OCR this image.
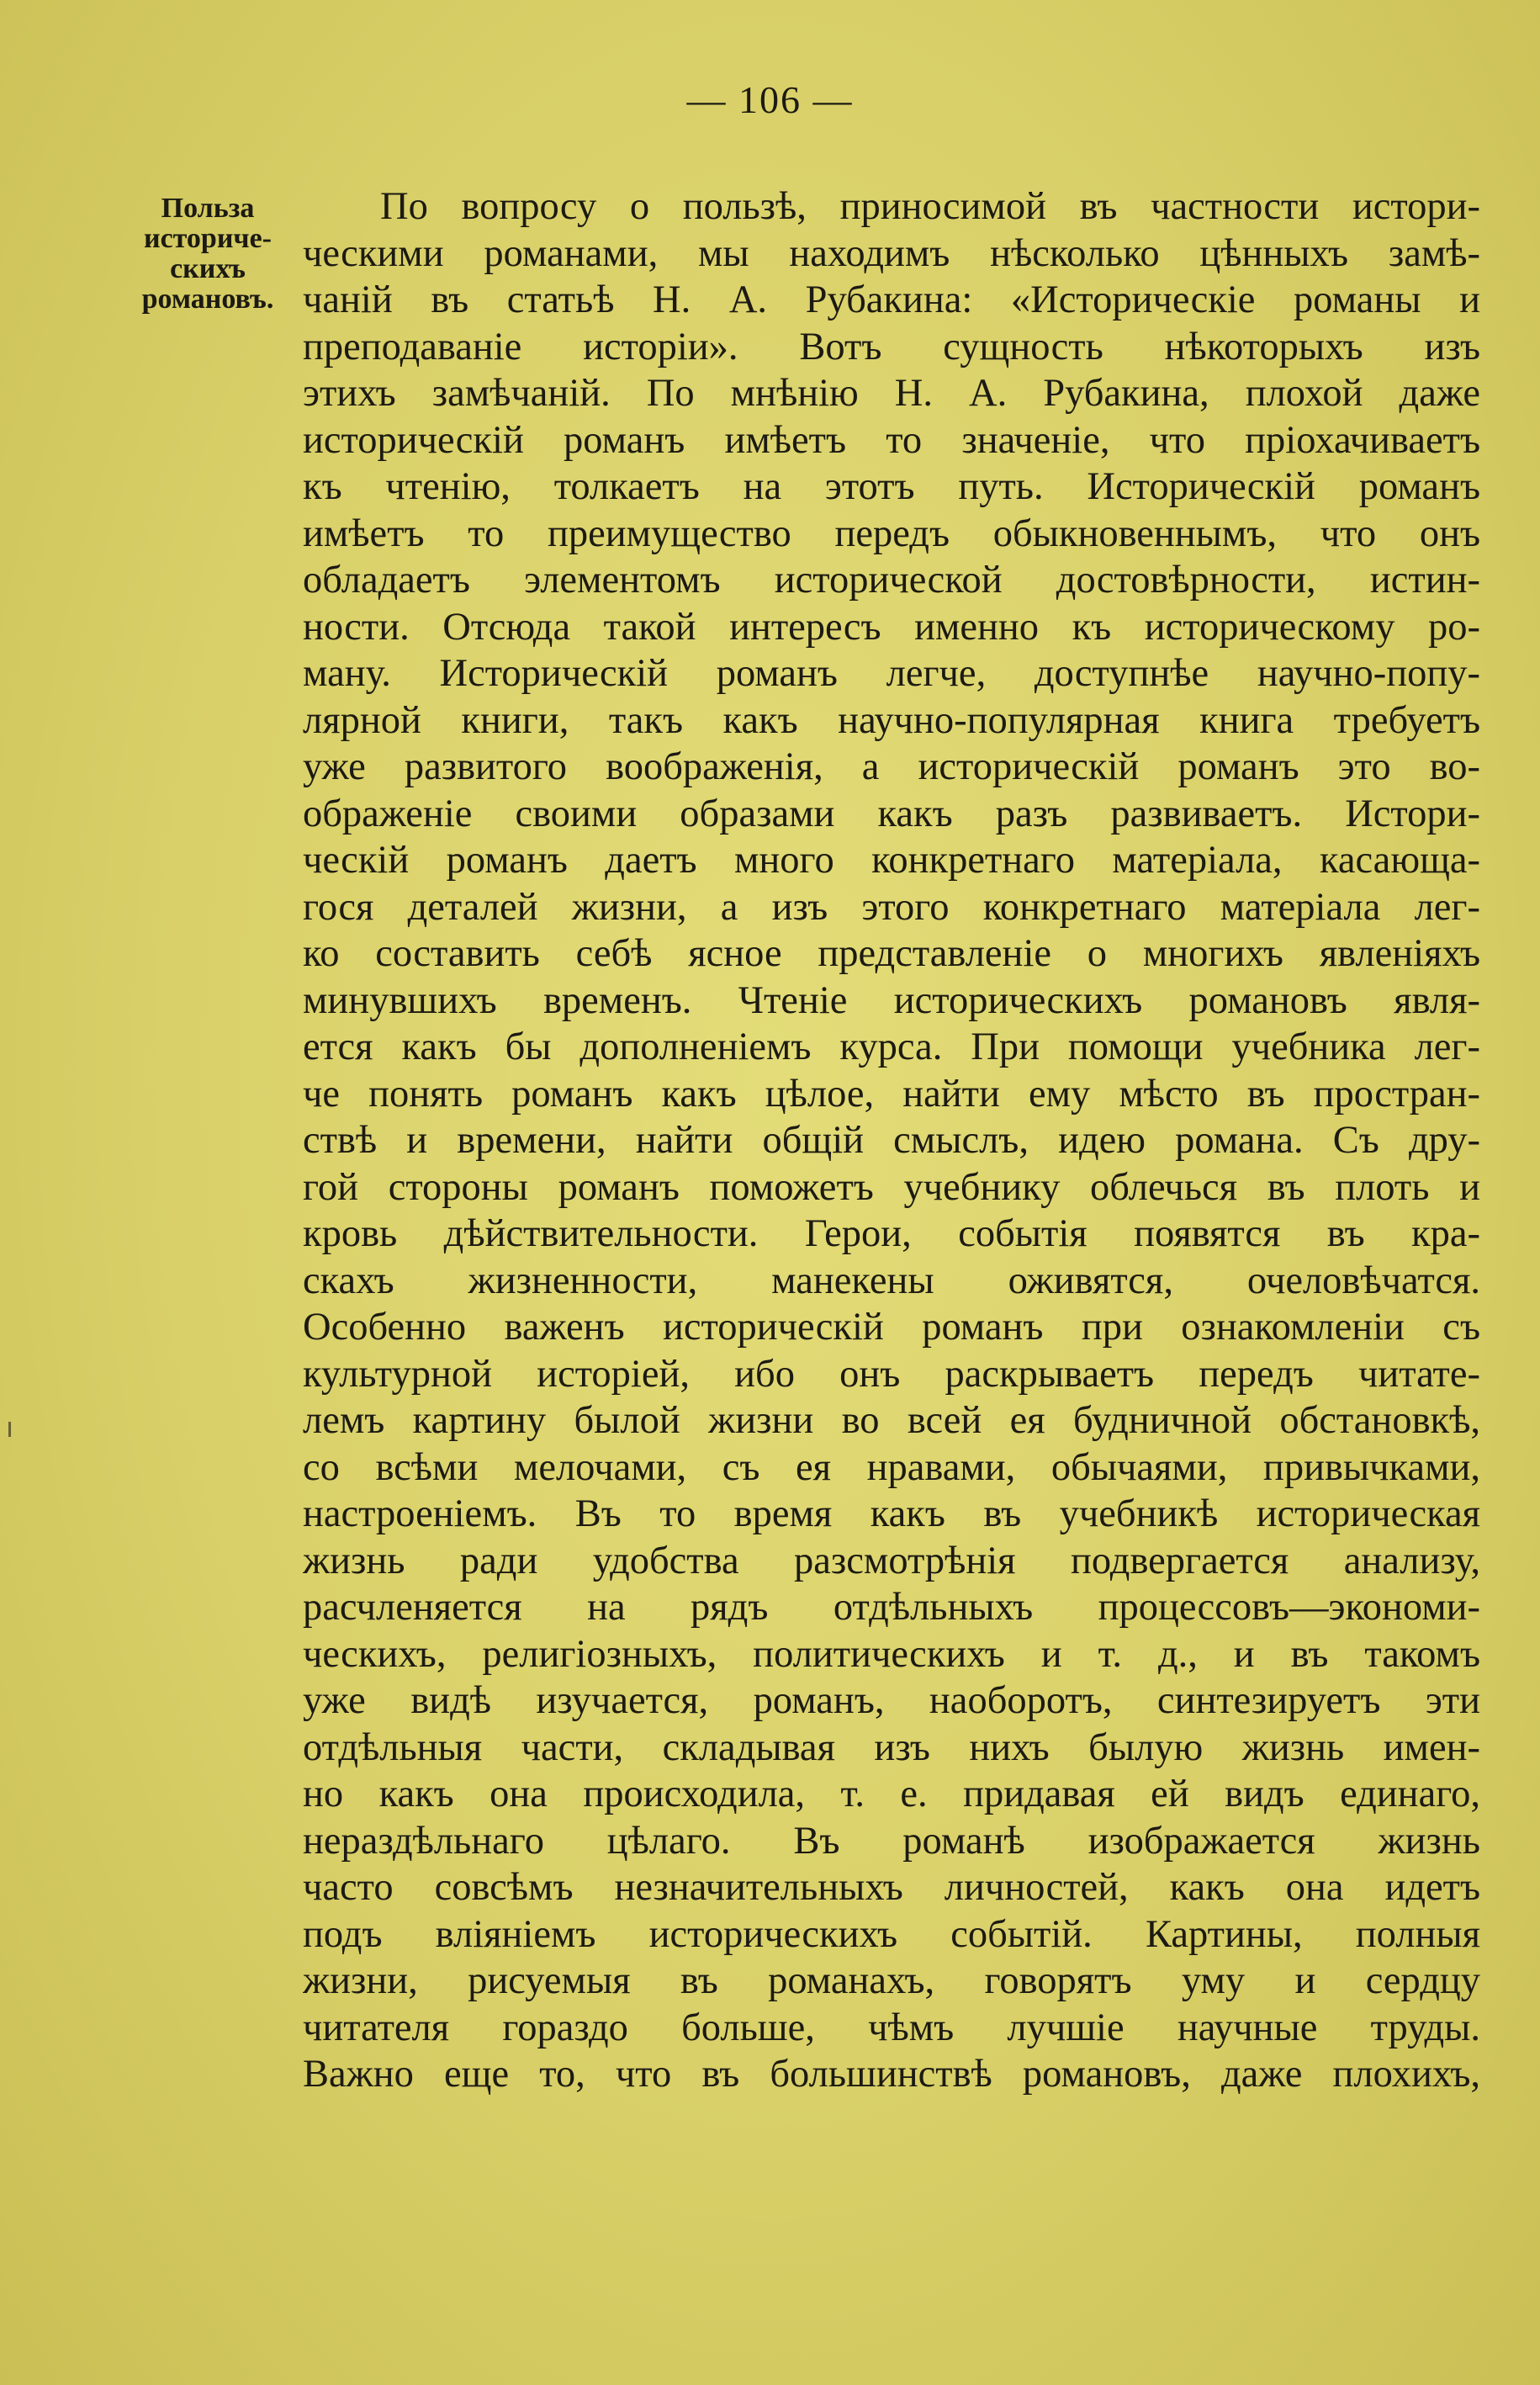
— 106 —
Польза
историче-
скихъ
романовъ.
По вопросу о пользѣ, приносимой въ частности истори-
ческими романами, мы находимъ нѣсколько цѣнныхъ замѣ-
чаній въ статьѣ Н. А. Рубакина: «Историческіе романы и
преподаваніе исторіи». Вотъ сущность нѣкоторыхъ изъ
этихъ замѣчаній. По мнѣнію Н. А. Рубакина, плохой даже
историческій романъ имѣетъ то значеніе, что пріохачиваетъ
къ чтенію, толкаетъ на этотъ путь. Историческій романъ
имѣетъ то преимущество передъ обыкновеннымъ, что онъ
обладаетъ элементомъ исторической достовѣрности, истин-
ности. Отсюда такой интересъ именно къ историческому ро-
ману. Историческій романъ легче, доступнѣе научно-попу-
лярной книги, такъ какъ научно-популярная книга требуетъ
уже развитого воображенія, а историческій романъ это во-
ображеніе своими образами какъ разъ развиваетъ. Истори-
ческій романъ даетъ много конкретнаго матеріала, касающа-
гося деталей жизни, а изъ этого конкретнаго матеріала лег-
ко составить себѣ ясное представленіе о многихъ явленіяхъ
минувшихъ временъ. Чтеніе историческихъ романовъ явля-
ется какъ бы дополненіемъ курса. При помощи учебника лег-
че понять романъ какъ цѣлое, найти ему мѣсто въ простран-
ствѣ и времени, найти общій смыслъ, идею романа. Съ дру-
гой стороны романъ поможетъ учебнику облечься въ плоть и
кровь дѣйствительности. Герои, событія появятся въ кра-
скахъ жизненности, манекены оживятся, очеловѣчатся.
Особенно важенъ историческій романъ при ознакомленіи съ
культурной исторіей, ибо онъ раскрываетъ передъ читате-
лемъ картину былой жизни во всей ея будничной обстановкѣ,
со всѣми мелочами, съ ея нравами, обычаями, привычками,
настроеніемъ. Въ то время какъ въ учебникѣ историческая
жизнь ради удобства разсмотрѣнія подвергается анализу,
расчленяется на рядъ отдѣльныхъ процессовъ—экономи-
ческихъ, религіозныхъ, политическихъ и т. д., и въ такомъ
уже видѣ изучается, романъ, наоборотъ, синтезируетъ эти
отдѣльныя части, складывая изъ нихъ былую жизнь имен-
но какъ она происходила, т. е. придавая ей видъ единаго,
нераздѣльнаго цѣлаго. Въ романѣ изображается жизнь
часто совсѣмъ незначительныхъ личностей, какъ она идетъ
подъ вліяніемъ историческихъ событій. Картины, полныя
жизни, рисуемыя въ романахъ, говорятъ уму и сердцу
читателя гораздо больше, чѣмъ лучшіе научные труды.
Важно еще то, что въ большинствѣ романовъ, даже плохихъ,
